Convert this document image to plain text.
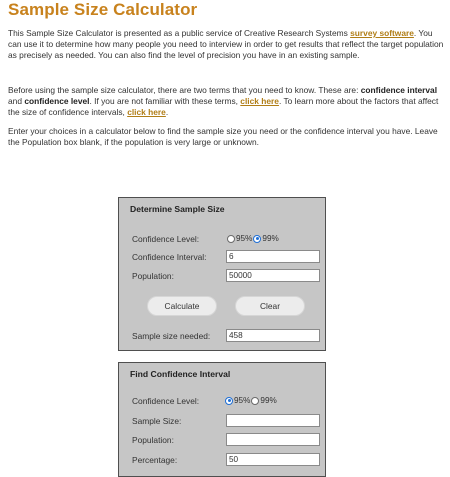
Sample Size Calculator

This Sample Size Calculator is presented as a public service of Creative Research Systems survey software. You can use it to determine how many people you need to interview in order to get results that reflect the target population as precisely as needed. You can also find the level of precision you have in an existing sample.

Before using the sample size calculator, there are two terms that you need to know. These are: confidence interval and confidence level. If you are not familiar with these terms, click here. To learn more about the factors that affect the size of confidence intervals, click here.

Enter your choices in a calculator below to find the sample size you need or the confidence interval you have. Leave the Population box blank, if the population is very large or unknown.

Determine Sample Size
Confidence Level:	95% 99%
Confidence Interval:	6
Population:	50000
Calculate	Clear
Sample size needed:	458
Find Confidence Interval
Confidence Level:	95% 99%
Sample Size:
Population:
Percentage:	50
